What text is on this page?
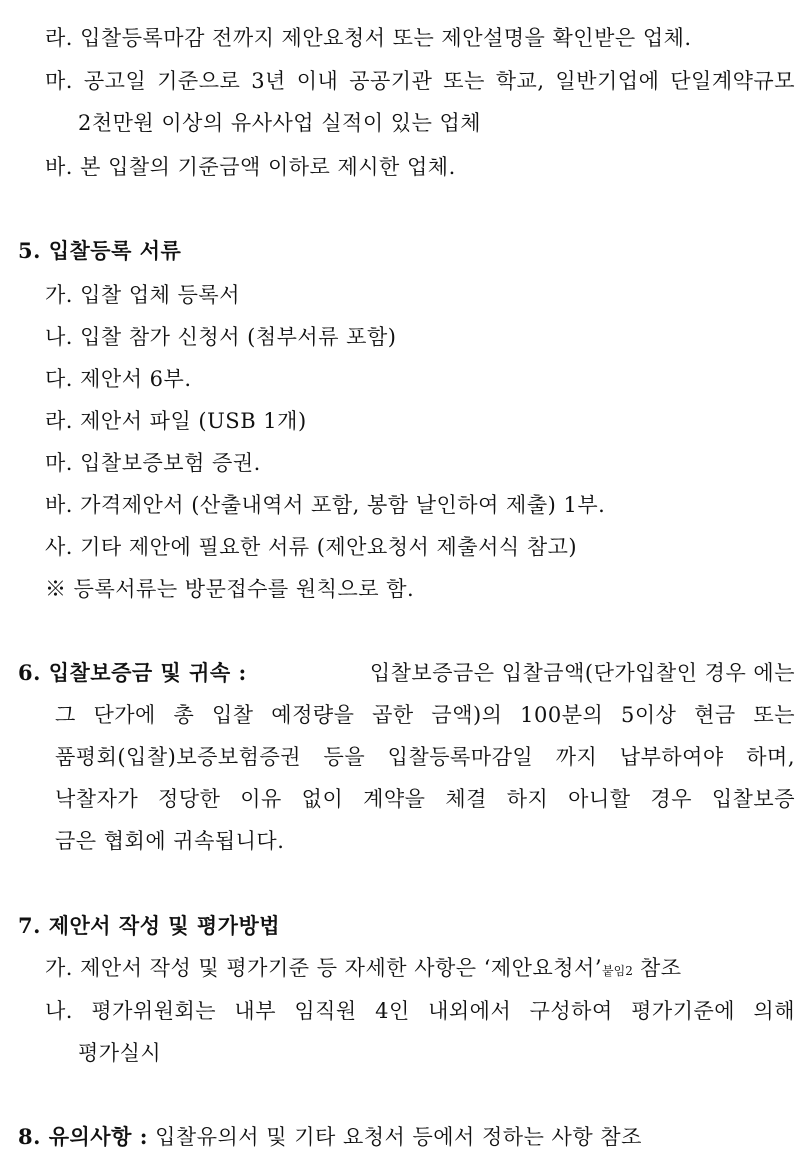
라. 입찰등록마감 전까지 제안요청서 또는 제안설명을 확인받은 업체.
마. 공고일 기준으로 3년 이내 공공기관 또는 학교, 일반기업에 단일계약규모
2천만원 이상의 유사사업 실적이 있는 업체
바. 본 입찰의 기준금액 이하로 제시한 업체.
5. 입찰등록 서류
가. 입찰 업체 등록서
나. 입찰 참가 신청서 (첨부서류 포함)
다. 제안서 6부.
라. 제안서 파일 (USB 1개)
마. 입찰보증보험 증권.
바. 가격제안서 (산출내역서 포함, 봉함 날인하여 제출) 1부.
사. 기타 제안에 필요한 서류 (제안요청서 제출서식 참고)
※ 등록서류는 방문접수를 원칙으로 함.
6. 입찰보증금 및 귀속 :	입찰보증금은 입찰금액(단가입찰인 경우 에는
그 단가에 총 입찰 예정량을 곱한 금액)의 100분의 5이상 현금 또는
품평회(입찰)보증보험증권 등을 입찰등록마감일 까지 납부하여야 하며,
낙찰자가 정당한 이유 없이 계약을 체결 하지 아니할 경우 입찰보증
금은 협회에 귀속됩니다.
7. 제안서 작성 및 평가방법
가. 제안서 작성 및 평가기준 등 자세한 사항은 ‘제안요청서’붙임2 참조
나. 평가위원회는 내부 임직원 4인 내외에서 구성하여 평가기준에 의해
평가실시
8. 유의사항 : 입찰유의서 및 기타 요청서 등에서 정하는 사항 참조
